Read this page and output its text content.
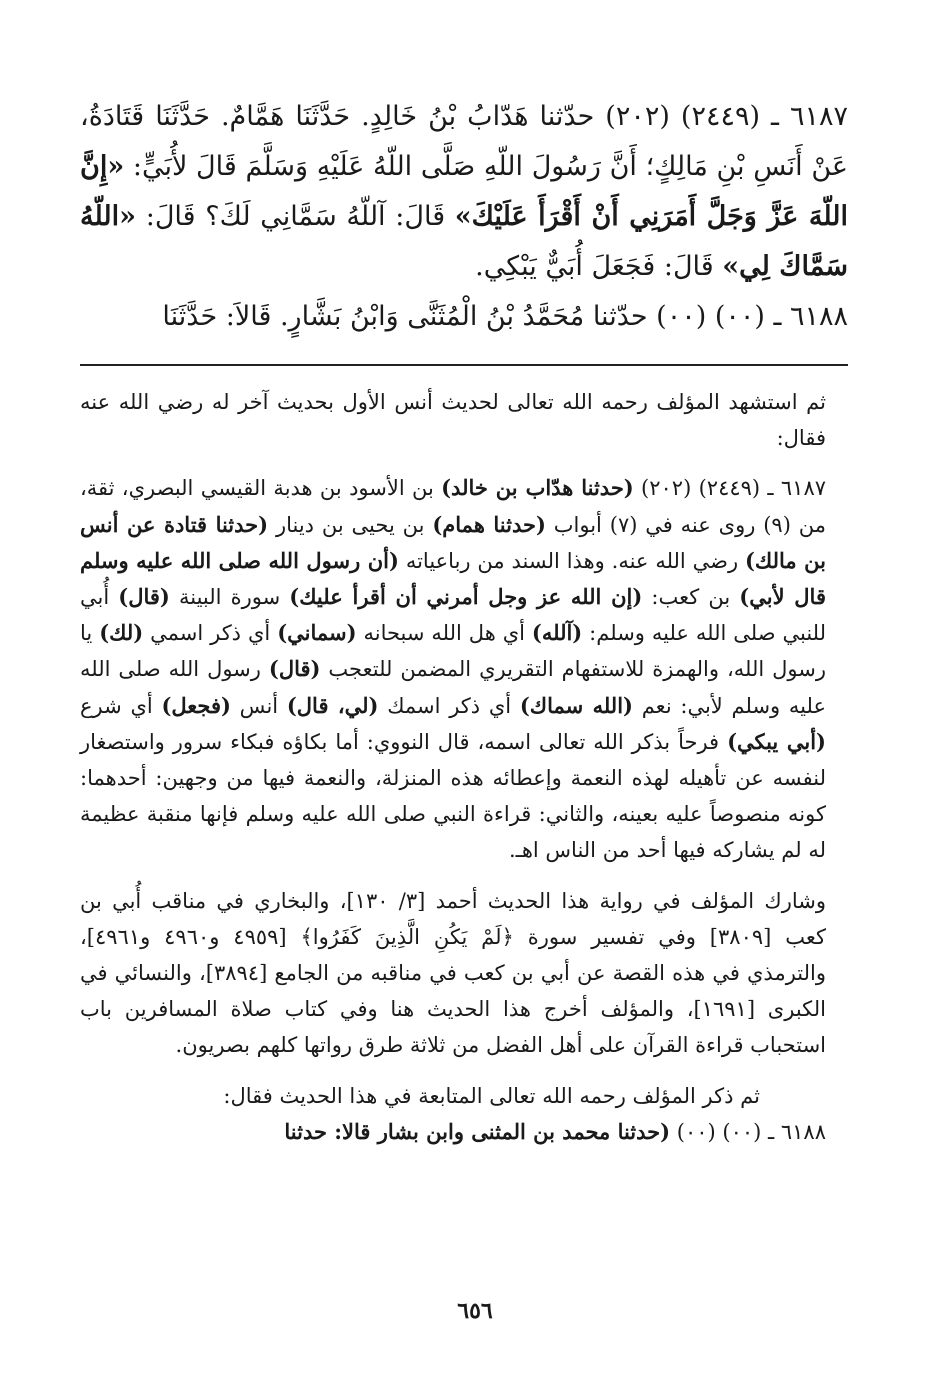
٦١٨٧ ـ (٢٤٤٩) (٢٠٢) حدّثنا هَدّابُ بْنُ خَالِدٍ. حَدَّثَنَا هَمَّامٌ. حَدَّثَنَا قَتَادَةُ، عَنْ أَنَسِ بْنِ مَالِكٍ؛ أَنَّ رَسُولَ اللّهِ صَلَّى اللّهُ عَلَيْهِ وَسَلَّمَ قَالَ لأُبَيٍّ: «إِنَّ اللّهَ عَزَّ وَجَلَّ أَمَرَنِي أَنْ أَقْرَأَ عَلَيْكَ» قَالَ: آللّهُ سَمَّانِي لَكَ؟ قَالَ: «اللّهُ سَمَّاكَ لِي» قَالَ: فَجَعَلَ أُبَيٌّ يَبْكِي.

٦١٨٨ ـ (٠٠) (٠٠) حدّثنا مُحَمَّدُ بْنُ الْمُثَنَّى وَابْنُ بَشَّارٍ. قَالاَ: حَدَّثَنَا

ثم استشهد المؤلف رحمه الله تعالى لحديث أنس الأول بحديث آخر له رضي الله عنه فقال:

٦١٨٧ ـ (٢٤٤٩) (٢٠٢) (حدثنا هدّاب بن خالد) بن الأسود بن هدبة القيسي البصري، ثقة، من (٩) روى عنه في (٧) أبواب (حدثنا همام) بن يحيى بن دينار (حدثنا قتادة عن أنس بن مالك) رضي الله عنه. وهذا السند من رباعياته (أن رسول الله صلى الله عليه وسلم قال لأبي) بن كعب: (إن الله عز وجل أمرني أن أقرأ عليك) سورة البينة (قال) أُبي للنبي صلى الله عليه وسلم: (آلله) أي هل الله سبحانه (سماني) أي ذكر اسمي (لك) يا رسول الله، والهمزة للاستفهام التقريري المضمن للتعجب (قال) رسول الله صلى الله عليه وسلم لأبي: نعم (الله سماك) أي ذكر اسمك (لي، قال) أنس (فجعل) أي شرع (أبي يبكي) فرحاً بذكر الله تعالى اسمه، قال النووي: أما بكاؤه فبكاء سرور واستصغار لنفسه عن تأهيله لهذه النعمة وإعطائه هذه المنزلة، والنعمة فيها من وجهين: أحدهما: كونه منصوصاً عليه بعينه، والثاني: قراءة النبي صلى الله عليه وسلم فإنها منقبة عظيمة له لم يشاركه فيها أحد من الناس اهـ.

وشارك المؤلف في رواية هذا الحديث أحمد [٣/ ١٣٠]، والبخاري في مناقب أُبي بن كعب [٣٨٠٩] وفي تفسير سورة ﴿لَمْ يَكُنِ الَّذِينَ كَفَرُوا﴾ [٤٩٥٩ و٤٩٦٠ و٤٩٦١]، والترمذي في هذه القصة عن أبي بن كعب في مناقبه من الجامع [٣٨٩٤]، والنسائي في الكبرى [١٦٩١]، والمؤلف أخرج هذا الحديث هنا وفي كتاب صلاة المسافرين باب استحباب قراءة القرآن على أهل الفضل من ثلاثة طرق رواتها كلهم بصريون.

ثم ذكر المؤلف رحمه الله تعالى المتابعة في هذا الحديث فقال:

٦١٨٨ ـ (٠٠) (٠٠) (حدثنا محمد بن المثنى وابن بشار قالا: حدثنا

٦٥٦
